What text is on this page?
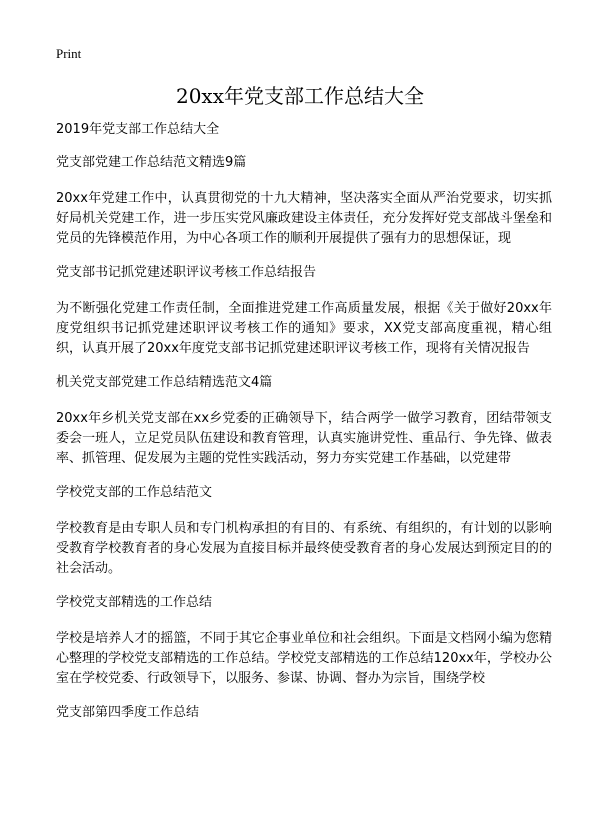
Print
20xx年党支部工作总结大全
2019年党支部工作总结大全
党支部党建工作总结范文精选9篇

20xx年党建工作中，认真贯彻党的十九大精神，坚决落实全面从严治党要求，切实抓好局机关党建工作，进一步压实党风廉政建设主体责任，充分发挥好党支部战斗堡垒和党员的先锋模范作用，为中心各项工作的顺利开展提供了强有力的思想保证，现

党支部书记抓党建述职评议考核工作总结报告

为不断强化党建工作责任制，全面推进党建工作高质量发展，根据《关于做好20xx年度党组织书记抓党建述职评议考核工作的通知》要求，XX党支部高度重视，精心组织，认真开展了20xx年度党支部书记抓党建述职评议考核工作，现将有关情况报告

机关党支部党建工作总结精选范文4篇

20xx年乡机关党支部在xx乡党委的正确领导下，结合两学一做学习教育，团结带领支委会一班人，立足党员队伍建设和教育管理，认真实施讲党性、重品行、争先锋、做表率、抓管理、促发展为主题的党性实践活动，努力夯实党建工作基础，以党建带

学校党支部的工作总结范文

学校教育是由专职人员和专门机构承担的有目的、有系统、有组织的，有计划的以影响受教育学校教育者的身心发展为直接目标并最终使受教育者的身心发展达到预定目的的社会活动。

学校党支部精选的工作总结

学校是培养人才的摇篮，不同于其它企事业单位和社会组织。下面是文档网小编为您精心整理的学校党支部精选的工作总结。学校党支部精选的工作总结120xx年，学校办公室在学校党委、行政领导下，以服务、参谋、协调、督办为宗旨，围绕学校

党支部第四季度工作总结
